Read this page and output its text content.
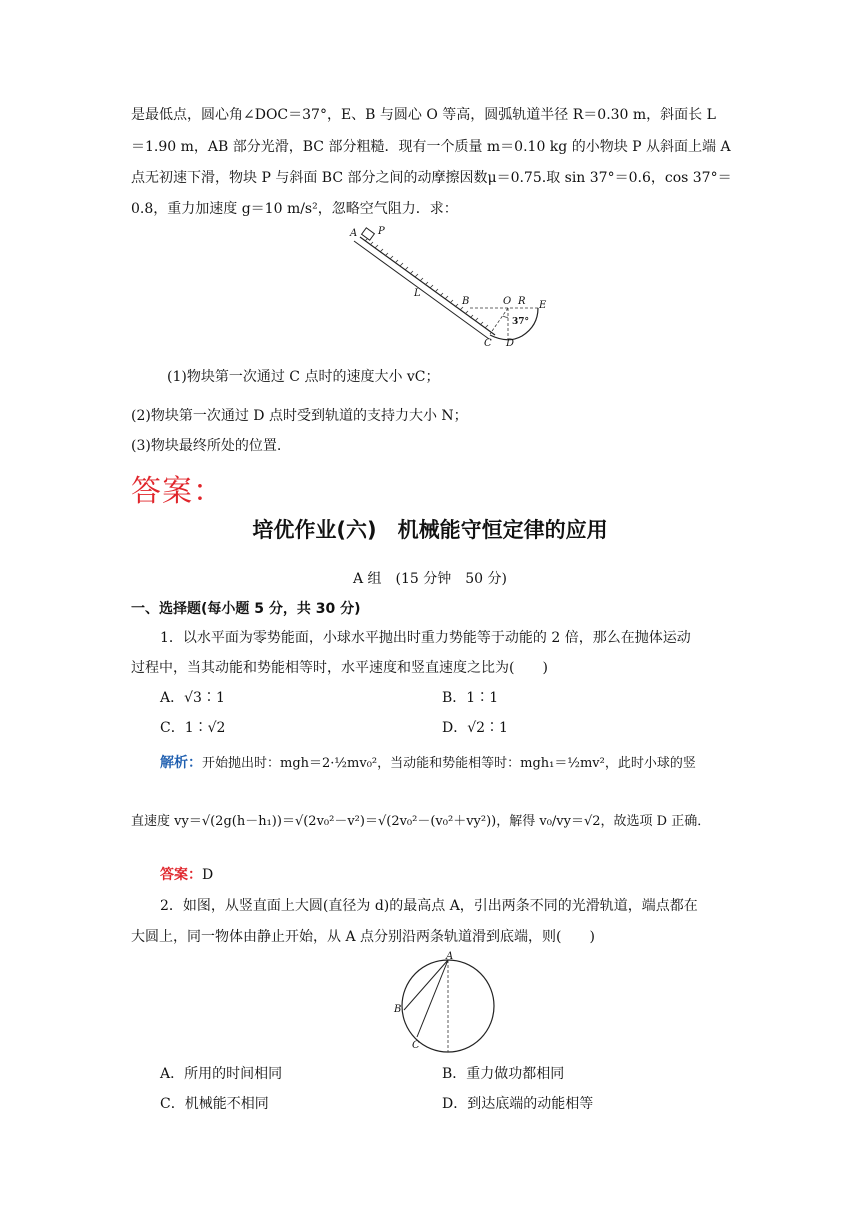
是最低点，圆心角∠DOC＝37°，E、B 与圆心 O 等高，圆弧轨道半径 R＝0.30 m，斜面长 L
＝1.90 m，AB 部分光滑，BC 部分粗糙．现有一个质量 m＝0.10 kg 的小物块 P 从斜面上端 A
点无初速下滑，物块 P 与斜面 BC 部分之间的动摩擦因数μ＝0.75.取 sin 37°＝0.6，cos 37°＝
0.8，重力加速度 g＝10 m/s²，忽略空气阻力．求：
A P
L
B	O R E
C D
37°
(1)物块第一次通过 C 点时的速度大小 vC；
(2)物块第一次通过 D 点时受到轨道的支持力大小 N；
(3)物块最终所处的位置.
答案：
培优作业(六)　机械能守恒定律的应用
A 组　(15 分钟　50 分)
一、选择题(每小题 5 分，共 30 分)
1．以水平面为零势能面，小球水平抛出时重力势能等于动能的 2 倍，那么在抛体运动
过程中，当其动能和势能相等时，水平速度和竖直速度之比为(　　)
A．√3∶1	B．1∶1
C．1∶√2	D．√2∶1
解析：开始抛出时：mgh＝2·½mv₀²，当动能和势能相等时：mgh₁＝½mv²，此时小球的竖
直速度 vy＝√(2g(h－h₁))＝√(2v₀²－v²)＝√(2v₀²－(v₀²＋vy²))，解得 v₀/vy＝√2，故选项 D 正确．
答案：D
2．如图，从竖直面上大圆(直径为 d)的最高点 A，引出两条不同的光滑轨道，端点都在
大圆上，同一物体由静止开始，从 A 点分别沿两条轨道滑到底端，则(　　)
A
B
C
A．所用的时间相同	B．重力做功都相同
C．机械能不相同	D．到达底端的动能相等
